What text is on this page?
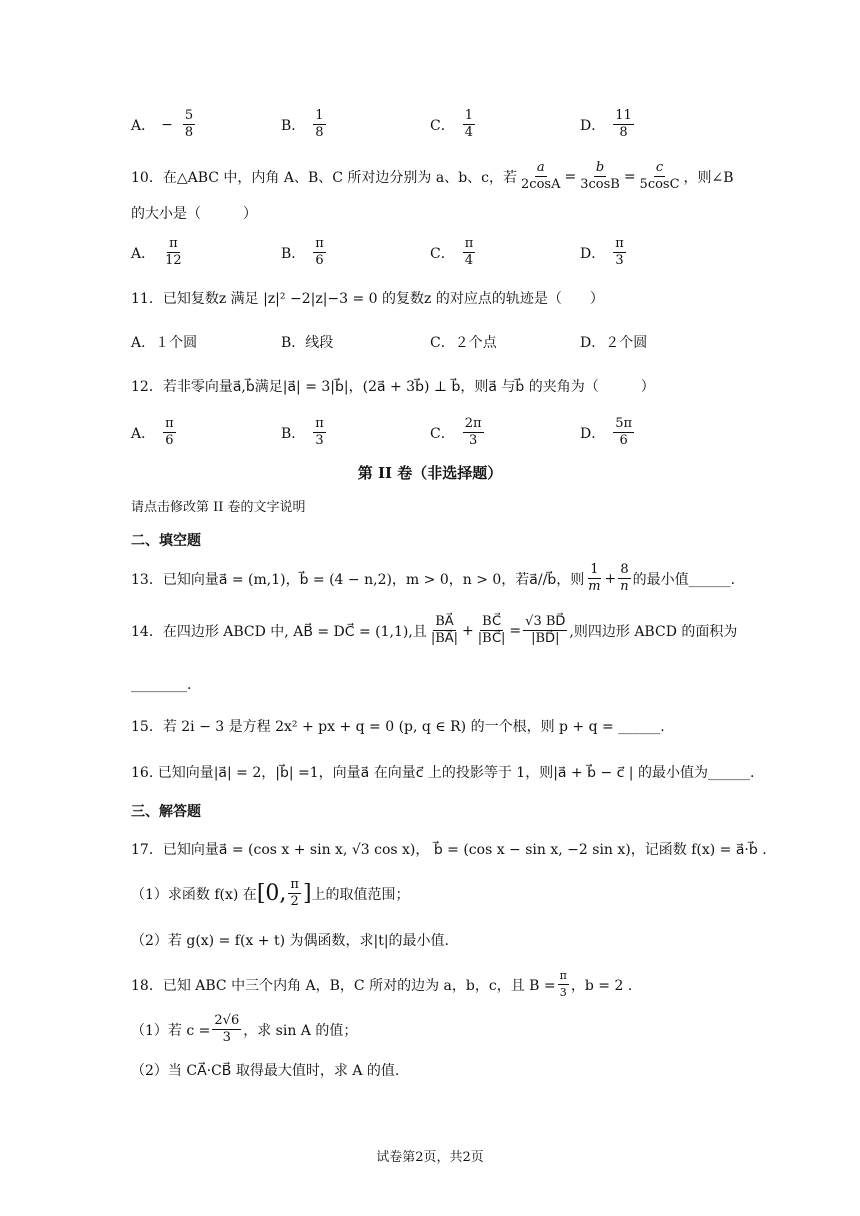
A． − $\frac{5}{8}$	B． $\frac{1}{8}$	C． $\frac{1}{4}$	D． $\frac{11}{8}$
10．在△ABC 中，内角 A、B、C 所对边分别为 a、b、c，若 $\frac{a}{2\cos A} = \frac{b}{3\cos B} = \frac{c}{5\cos C}$ ，则∠B
的大小是（　　　）
A． $\frac{\pi}{12}$	B． $\frac{\pi}{6}$	C． $\frac{\pi}{4}$	D． $\frac{\pi}{3}$
11．已知复数z 满足 |z|² −2|z|−3 = 0 的复数z 的对应点的轨迹是（　　）
A．１个圆	B．线段	C．２个点	D．２个圆
12．若非零向量a⃗,b⃗满足|a⃗| = 3|b⃗|，(2a⃗ + 3b⃗) ⊥ b⃗，则a⃗ 与b⃗ 的夹角为（　　　）
A． $\frac{\pi}{6}$	B． $\frac{\pi}{3}$	C． $\frac{2\pi}{3}$	D． $\frac{5\pi}{6}$
第 II 卷（非选择题）
请点击修改第 II 卷的文字说明
二、填空题
13．已知向量a⃗ = (m,1)，b⃗ = (4 − n,2)，m > 0，n > 0，若a⃗//b⃗，则 $\frac{1}{m} + \frac{8}{n}$ 的最小值______.
14．在四边形 ABCD 中, AB⃗ = DC⃗ = (1,1),且 $\frac{BA⃗}{|BA⃗|} + \frac{BC⃗}{|BC⃗|} = \frac{√3 BD⃗}{|BD⃗|}$ ,则四边形 ABCD 的面积为
________.
15．若 2i − 3 是方程 2x² + px + q = 0 (p, q ∈ R) 的一个根，则 p + q = ______.
16. 已知向量|a⃗| = 2，|b⃗| =1，向量a⃗ 在向量c⃗ 上的投影等于 1，则|a⃗ + b⃗ − c⃗ | 的最小值为______.
三、解答题
17．已知向量a⃗ = (cos x + sin x, √3 cos x)， b⃗ = (cos x − sin x, −2 sin x)，记函数 f(x) = a⃗·b⃗ .
（1）求函数 f(x) 在 [0, $\frac{\pi}{2}$ ] 上的取值范围；
（2）若 g(x) = f(x + t) 为偶函数，求|t|的最小值.
18．已知 ABC 中三个内角 A，B，C 所对的边为 a，b，c，且 $B = \frac{\pi}{3}$ ，b = 2 .
（1）若 $c = \frac{2√6}{3}$ ，求 sin A 的值；
（2）当 CA⃗·CB⃗ 取得最大值时，求 A 的值.
试卷第2页，共2页
